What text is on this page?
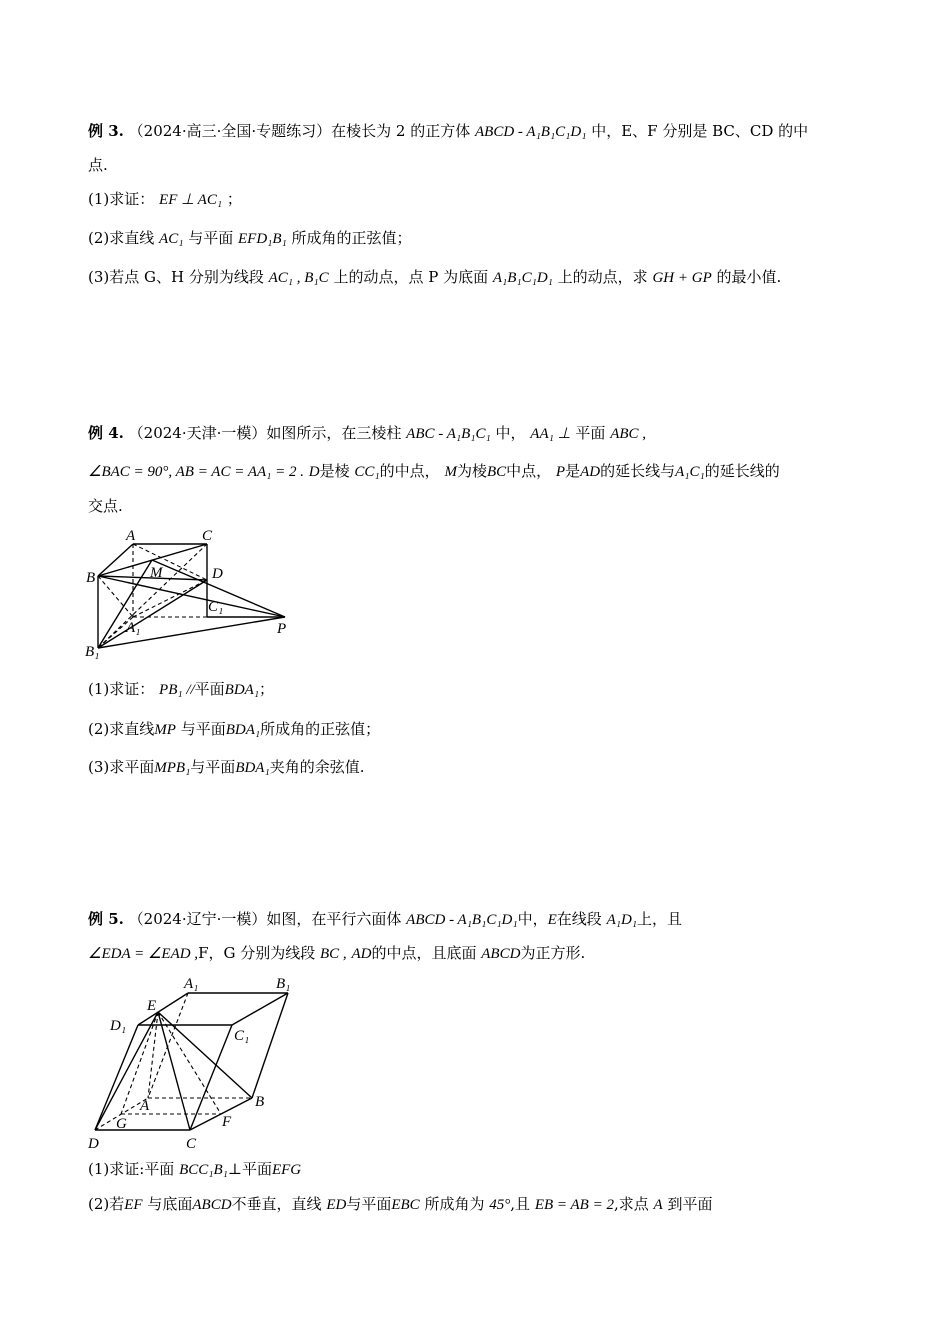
例 3. （2024·高三·全国·专题练习）在棱长为 2 的正方体 ABCD - A₁B₁C₁D₁ 中，E、F 分别是 BC、CD 的中
点.
(1)求证： EF ⊥ AC₁ ；
(2)求直线 AC₁ 与平面 EFD₁B₁ 所成角的正弦值；
(3)若点 G、H 分别为线段 AC₁ , B₁C 上的动点，点 P 为底面 A₁B₁C₁D₁ 上的动点，求 GH + GP 的最小值.
例 4. （2024·天津·一模）如图所示，在三棱柱 ABC - A₁B₁C₁ 中， AA₁ ⊥ 平面 ABC ,
∠BAC = 90°, AB = AC = AA₁ = 2 . D是棱 CC₁的中点， M为棱BC中点， P是AD的延长线与A₁C₁的延长线的
交点.
A	C
B	M	D
C₁
A₁	P
B₁
(1)求证： PB₁ //平面BDA₁；
(2)求直线MP 与平面BDA₁所成角的正弦值；
(3)求平面MPB₁与平面BDA₁夹角的余弦值.
例 5. （2024·辽宁·一模）如图，在平行六面体 ABCD - A₁B₁C₁D₁中，E在线段 A₁D₁上，且
∠EDA = ∠EAD ,F，G 分别为线段 BC , AD的中点，且底面 ABCD为正方形.
A₁	B₁
E
D₁
C₁
A	B
G	F
D	C
(1)求证:平面 BCC₁B₁⊥平面EFG
(2)若EF 与底面ABCD不垂直，直线 ED与平面EBC 所成角为 45°,且 EB = AB = 2,求点 A 到平面
